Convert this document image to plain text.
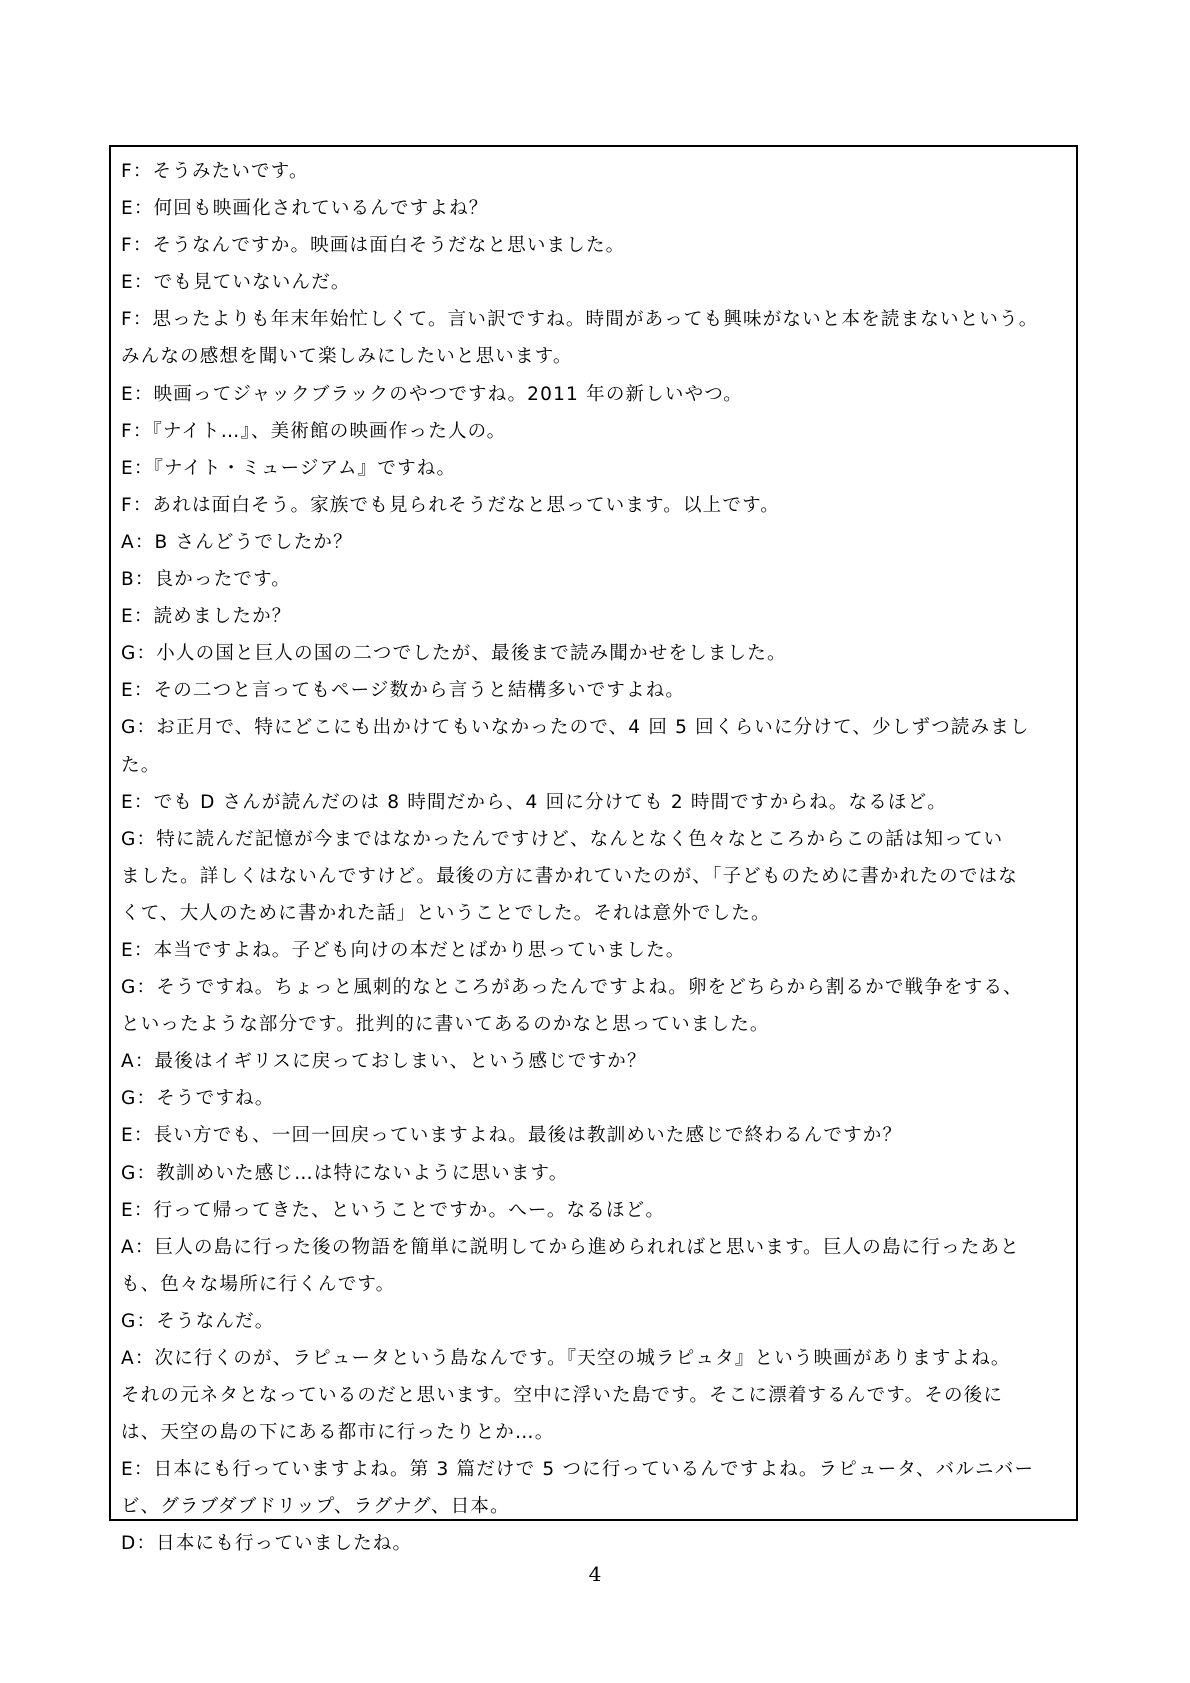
F：そうみたいです。
E：何回も映画化されているんですよね？
F：そうなんですか。映画は面白そうだなと思いました。
E：でも見ていないんだ。
F：思ったよりも年末年始忙しくて。言い訳ですね。時間があっても興味がないと本を読まないという。
みんなの感想を聞いて楽しみにしたいと思います。
E：映画ってジャックブラックのやつですね。2011 年の新しいやつ。
F：『ナイト…』、美術館の映画作った人の。
E：『ナイト・ミュージアム』ですね。
F：あれは面白そう。家族でも見られそうだなと思っています。以上です。
A：B さんどうでしたか？
B：良かったです。
E：読めましたか？
G：小人の国と巨人の国の二つでしたが、最後まで読み聞かせをしました。
E：その二つと言ってもページ数から言うと結構多いですよね。
G：お正月で、特にどこにも出かけてもいなかったので、4 回 5 回くらいに分けて、少しずつ読みまし
た。
E：でも D さんが読んだのは 8 時間だから、4 回に分けても 2 時間ですからね。なるほど。
G：特に読んだ記憶が今まではなかったんですけど、なんとなく色々なところからこの話は知ってい
ました。詳しくはないんですけど。最後の方に書かれていたのが、「子どものために書かれたのではな
くて、大人のために書かれた話」ということでした。それは意外でした。
E：本当ですよね。子ども向けの本だとばかり思っていました。
G：そうですね。ちょっと風刺的なところがあったんですよね。卵をどちらから割るかで戦争をする、
といったような部分です。批判的に書いてあるのかなと思っていました。
A：最後はイギリスに戻っておしまい、という感じですか？
G：そうですね。
E：長い方でも、一回一回戻っていますよね。最後は教訓めいた感じで終わるんですか？
G：教訓めいた感じ…は特にないように思います。
E：行って帰ってきた、ということですか。へー。なるほど。
A：巨人の島に行った後の物語を簡単に説明してから進められればと思います。巨人の島に行ったあと
も、色々な場所に行くんです。
G：そうなんだ。
A：次に行くのが、ラピュータという島なんです。『天空の城ラピュタ』という映画がありますよね。
それの元ネタとなっているのだと思います。空中に浮いた島です。そこに漂着するんです。その後に
は、天空の島の下にある都市に行ったりとか…。
E：日本にも行っていますよね。第 3 篇だけで 5 つに行っているんですよね。ラピュータ、バルニバー
ビ、グラブダブドリップ、ラグナグ、日本。
D：日本にも行っていましたね。
4
